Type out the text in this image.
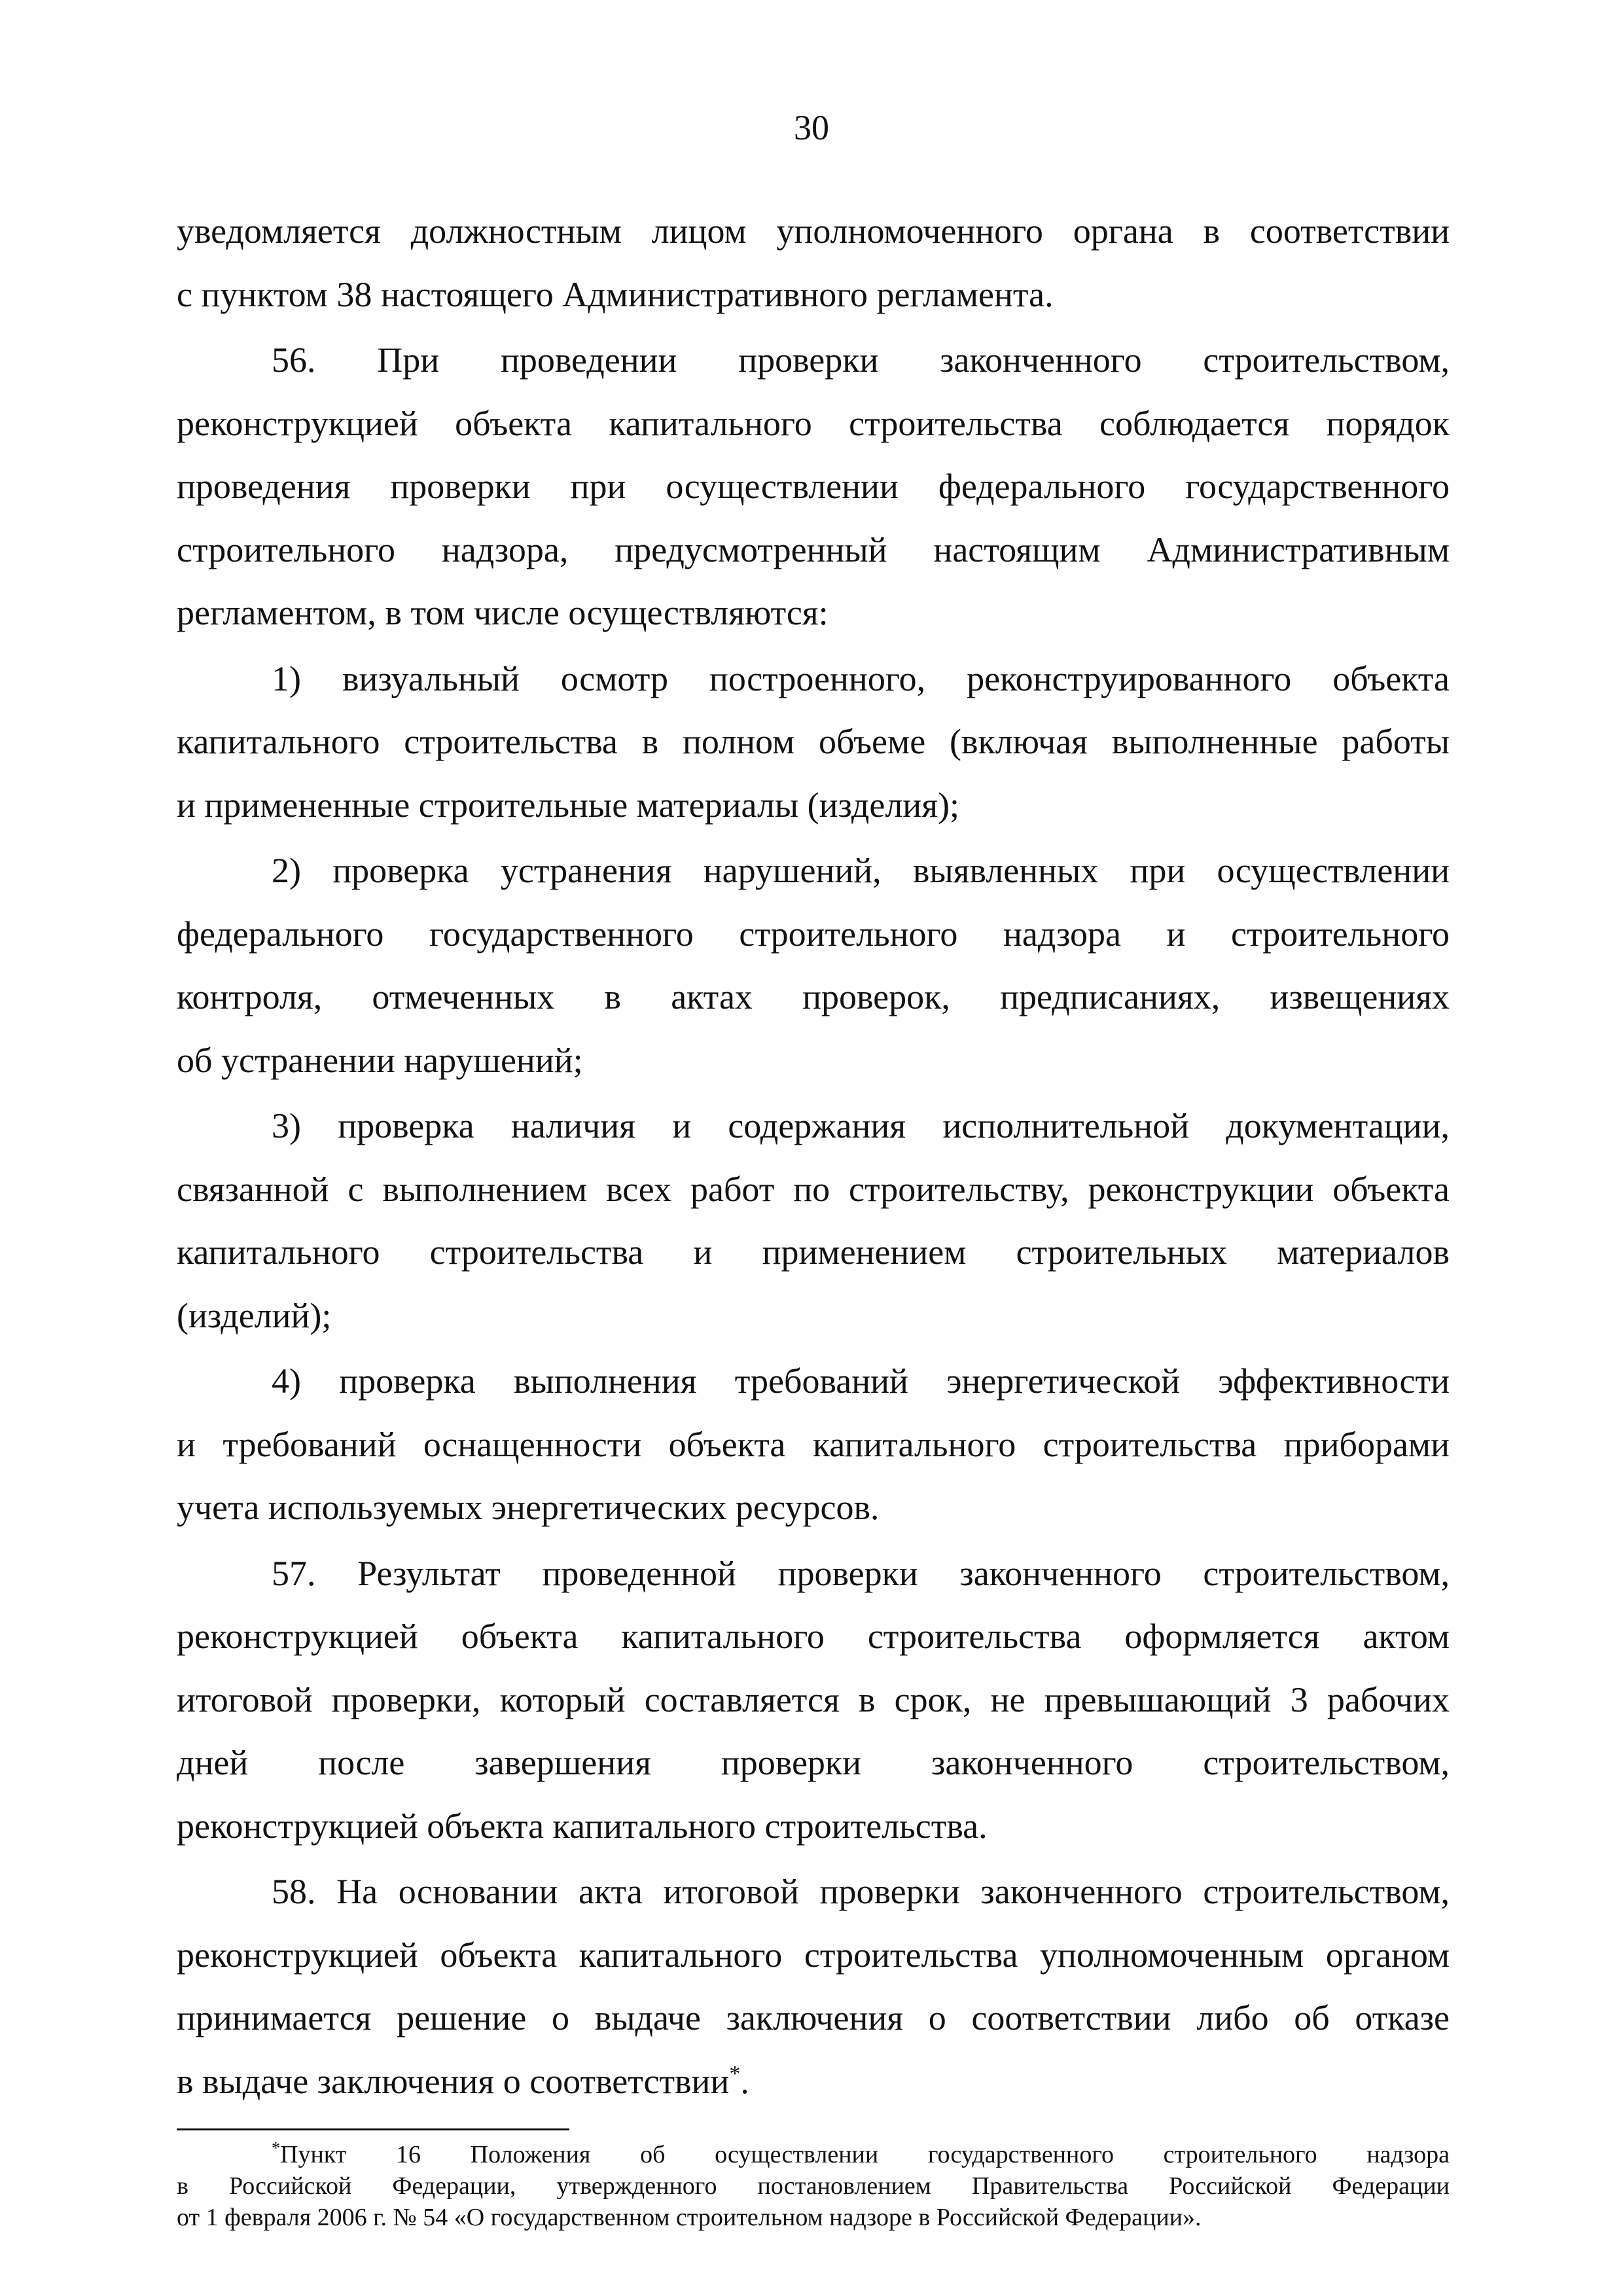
30

уведомляется должностным лицом уполномоченного органа в соответствии

с пунктом 38 настоящего Административного регламента.

56. При проведении проверки законченного строительством,

реконструкцией объекта капитального строительства соблюдается порядок

проведения проверки при осуществлении федерального государственного

строительного надзора, предусмотренный настоящим Административным

регламентом, в том числе осуществляются:

1) визуальный осмотр построенного, реконструированного объекта

капитального строительства в полном объеме (включая выполненные работы

и примененные строительные материалы (изделия);

2) проверка устранения нарушений, выявленных при осуществлении

федерального государственного строительного надзора и строительного

контроля, отмеченных в актах проверок, предписаниях, извещениях

об устранении нарушений;

3) проверка наличия и содержания исполнительной документации,

связанной с выполнением всех работ по строительству, реконструкции объекта

капитального строительства и применением строительных материалов

(изделий);

4) проверка выполнения требований энергетической эффективности

и требований оснащенности объекта капитального строительства приборами

учета используемых энергетических ресурсов.

57. Результат проведенной проверки законченного строительством,

реконструкцией объекта капитального строительства оформляется актом

итоговой проверки, который составляется в срок, не превышающий 3 рабочих

дней после завершения проверки законченного строительством,

реконструкцией объекта капитального строительства.

58. На основании акта итоговой проверки законченного строительством,

реконструкцией объекта капитального строительства уполномоченным органом

принимается решение о выдаче заключения о соответствии либо об отказе

в выдаче заключения о соответствии*.

*Пункт 16 Положения об осуществлении государственного строительного надзора

в Российской Федерации, утвержденного постановлением Правительства Российской Федерации

от 1 февраля 2006 г. № 54 «О государственном строительном надзоре в Российской Федерации».
